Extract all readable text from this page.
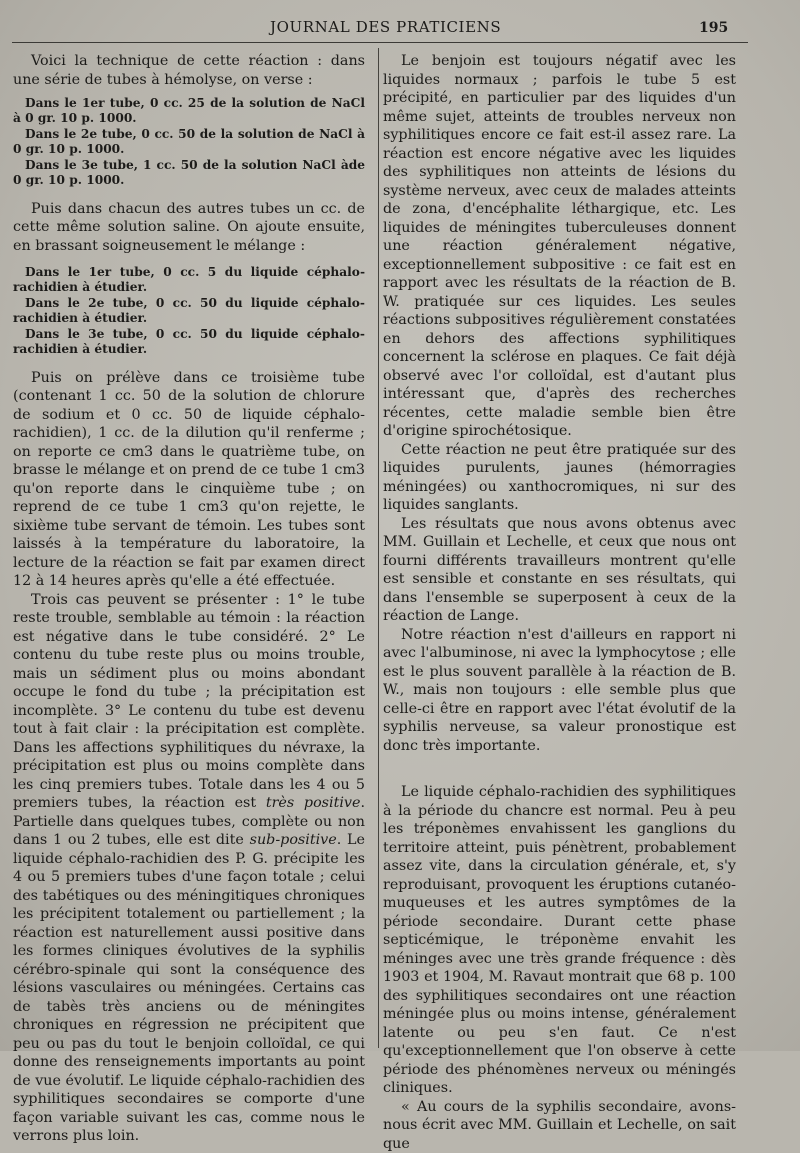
JOURNAL DES PRATICIENS	195

Voici la technique de cette réaction : dans une série de tubes à hémolyse, on verse :

Dans le 1er tube, 0 cc. 25 de la solution de NaCl à 0 gr. 10 p. 1000.

Dans le 2e tube, 0 cc. 50 de la solution de NaCl à 0 gr. 10 p. 1000.

Dans le 3e tube, 1 cc. 50 de la solution NaCl àde 0 gr. 10 p. 1000.

Puis dans chacun des autres tubes un cc. de cette même solution saline. On ajoute ensuite, en brassant soigneusement le mélange :

Dans le 1er tube, 0 cc. 5 du liquide céphalo-rachidien à étudier.

Dans le 2e tube, 0 cc. 50 du liquide céphalo-rachidien à étudier.

Dans le 3e tube, 0 cc. 50 du liquide céphalo-rachidien à étudier.

Puis on prélève dans ce troisième tube (contenant 1 cc. 50 de la solution de chlorure de sodium et 0 cc. 50 de liquide céphalo-rachidien), 1 cc. de la dilution qu'il renferme ; on reporte ce cm3 dans le quatrième tube, on brasse le mélange et on prend de ce tube 1 cm3 qu'on reporte dans le cinquième tube ; on reprend de ce tube 1 cm3 qu'on rejette, le sixième tube servant de témoin. Les tubes sont laissés à la température du laboratoire, la lecture de la réaction se fait par examen direct 12 à 14 heures après qu'elle a été effectuée.

Trois cas peuvent se présenter : 1° le tube reste trouble, semblable au témoin : la réaction est négative dans le tube considéré. 2° Le contenu du tube reste plus ou moins trouble, mais un sédiment plus ou moins abondant occupe le fond du tube ; la précipitation est incomplète. 3° Le contenu du tube est devenu tout à fait clair : la précipitation est complète. Dans les affections syphilitiques du névraxe, la précipitation est plus ou moins complète dans les cinq premiers tubes. Totale dans les 4 ou 5 premiers tubes, la réaction est très positive. Partielle dans quelques tubes, complète ou non dans 1 ou 2 tubes, elle est dite sub-positive. Le liquide céphalo-rachidien des P. G. précipite les 4 ou 5 premiers tubes d'une façon totale ; celui des tabétiques ou des méningitiques chroniques les précipitent totalement ou partiellement ; la réaction est naturellement aussi positive dans les formes cliniques évolutives de la syphilis cérébro-spinale qui sont la conséquence des lésions vasculaires ou méningées. Certains cas de tabès très anciens ou de méningites chroniques en régression ne précipitent que peu ou pas du tout le benjoin colloïdal, ce qui donne des renseignements importants au point de vue évolutif. Le liquide céphalo-rachidien des syphilitiques secondaires se comporte d'une façon variable suivant les cas, comme nous le verrons plus loin.

Le benjoin est toujours négatif avec les liquides normaux ; parfois le tube 5 est précipité, en particulier par des liquides d'un même sujet, atteints de troubles nerveux non syphilitiques encore ce fait est-il assez rare. La réaction est encore négative avec les liquides des syphilitiques non atteints de lésions du système nerveux, avec ceux de malades atteints de zona, d'encéphalite léthargique, etc. Les liquides de méningites tuberculeuses donnent une réaction généralement négative, exceptionnellement subpositive : ce fait est en rapport avec les résultats de la réaction de B. W. pratiquée sur ces liquides. Les seules réactions subpositives régulièrement constatées en dehors des affections syphilitiques concernent la sclérose en plaques. Ce fait déjà observé avec l'or colloïdal, est d'autant plus intéressant que, d'après des recherches récentes, cette maladie semble bien être d'origine spirochétosique.

Cette réaction ne peut être pratiquée sur des liquides purulents, jaunes (hémorragies méningées) ou xanthocromiques, ni sur des liquides sanglants.

Les résultats que nous avons obtenus avec MM. Guillain et Lechelle, et ceux que nous ont fourni différents travailleurs montrent qu'elle est sensible et constante en ses résultats, qui dans l'ensemble se superposent à ceux de la réaction de Lange.

Notre réaction n'est d'ailleurs en rapport ni avec l'albuminose, ni avec la lymphocytose ; elle est le plus souvent parallèle à la réaction de B. W., mais non toujours : elle semble plus que celle-ci être en rapport avec l'état évolutif de la syphilis nerveuse, sa valeur pronostique est donc très importante.

Le liquide céphalo-rachidien des syphilitiques à la période du chancre est normal. Peu à peu les tréponèmes envahissent les ganglions du territoire atteint, puis pénètrent, probablement assez vite, dans la circulation générale, et, s'y reproduisant, provoquent les éruptions cutanéo-muqueuses et les autres symptômes de la période secondaire. Durant cette phase septicémique, le tréponème envahit les méninges avec une très grande fréquence : dès 1903 et 1904, M. Ravaut montrait que 68 p. 100 des syphilitiques secondaires ont une réaction méningée plus ou moins intense, généralement latente ou peu s'en faut. Ce n'est qu'exceptionnellement que l'on observe à cette période des phénomènes nerveux ou méningés cliniques.

« Au cours de la syphilis secondaire, avons-nous écrit avec MM. Guillain et Lechelle, on sait que
